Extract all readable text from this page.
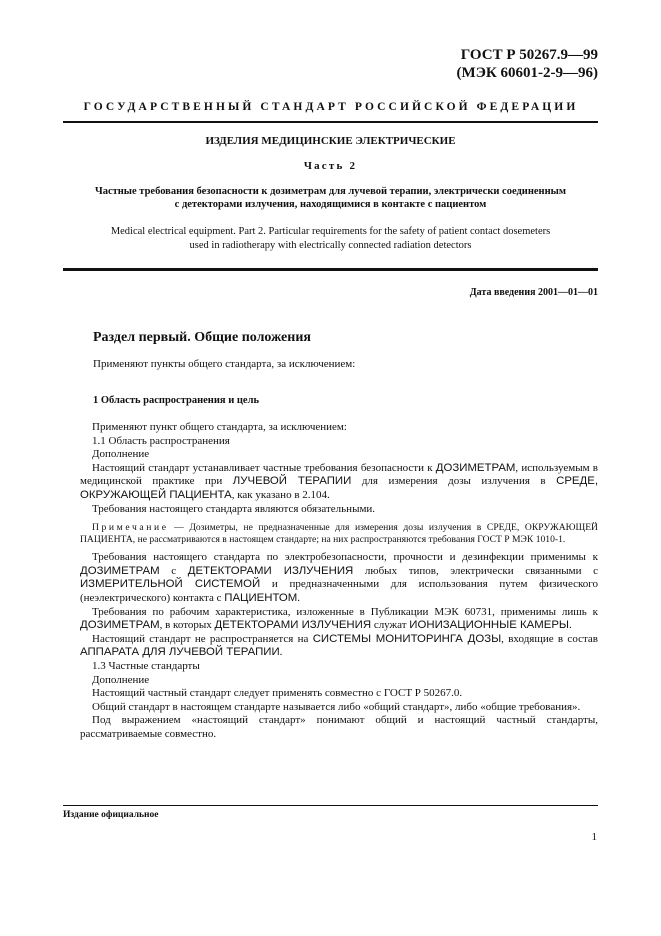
ГОСТ Р 50267.9—99
(МЭК 60601-2-9—96)
ГОСУДАРСТВЕННЫЙ СТАНДАРТ РОССИЙСКОЙ ФЕДЕРАЦИИ
ИЗДЕЛИЯ МЕДИЦИНСКИЕ ЭЛЕКТРИЧЕСКИЕ
Часть 2
Частные требования безопасности к дозиметрам для лучевой терапии, электрически соединенным
с детекторами излучения, находящимися в контакте с пациентом
Medical electrical equipment. Part 2. Particular requirements for the safety of patient contact dosemeters
used in radiotherapy with electrically connected radiation detectors
Дата введения 2001—01—01
Раздел первый. Общие положения
Применяют пункты общего стандарта, за исключением:
1 Область распространения и цель
Применяют пункт общего стандарта, за исключением:
1.1 Область распространения
Дополнение
Настоящий стандарт устанавливает частные требования безопасности к ДОЗИМЕТРАМ, используемым в медицинской практике при ЛУЧЕВОЙ ТЕРАПИИ для измерения дозы излучения в СРЕДЕ, ОКРУЖАЮЩЕЙ ПАЦИЕНТА, как указано в 2.104.
Требования настоящего стандарта являются обязательными.
Примечание — Дозиметры, не предназначенные для измерения дозы излучения в СРЕДЕ, ОКРУЖАЮЩЕЙ ПАЦИЕНТА, не рассматриваются в настоящем стандарте; на них распространяются требования ГОСТ Р МЭК 1010-1.
Требования настоящего стандарта по электробезопасности, прочности и дезинфекции применимы к ДОЗИМЕТРАМ с ДЕТЕКТОРАМИ ИЗЛУЧЕНИЯ любых типов, электрически связанными с ИЗМЕРИТЕЛЬНОЙ СИСТЕМОЙ и предназначенными для использования путем физического (неэлектрического) контакта с ПАЦИЕНТОМ.
Требования по рабочим характеристика, изложенные в Публикации МЭК 60731, применимы лишь к ДОЗИМЕТРАМ, в которых ДЕТЕКТОРАМИ ИЗЛУЧЕНИЯ служат ИОНИЗАЦИОННЫЕ КАМЕРЫ.
Настоящий стандарт не распространяется на СИСТЕМЫ МОНИТОРИНГА ДОЗЫ, входящие в состав АППАРАТА ДЛЯ ЛУЧЕВОЙ ТЕРАПИИ.
1.3 Частные стандарты
Дополнение
Настоящий частный стандарт следует применять совместно с ГОСТ Р 50267.0.
Общий стандарт в настоящем стандарте называется либо «общий стандарт», либо «общие требования».
Под выражением «настоящий стандарт» понимают общий и настоящий частный стандарты, рассматриваемые совместно.
Издание официальное
1
